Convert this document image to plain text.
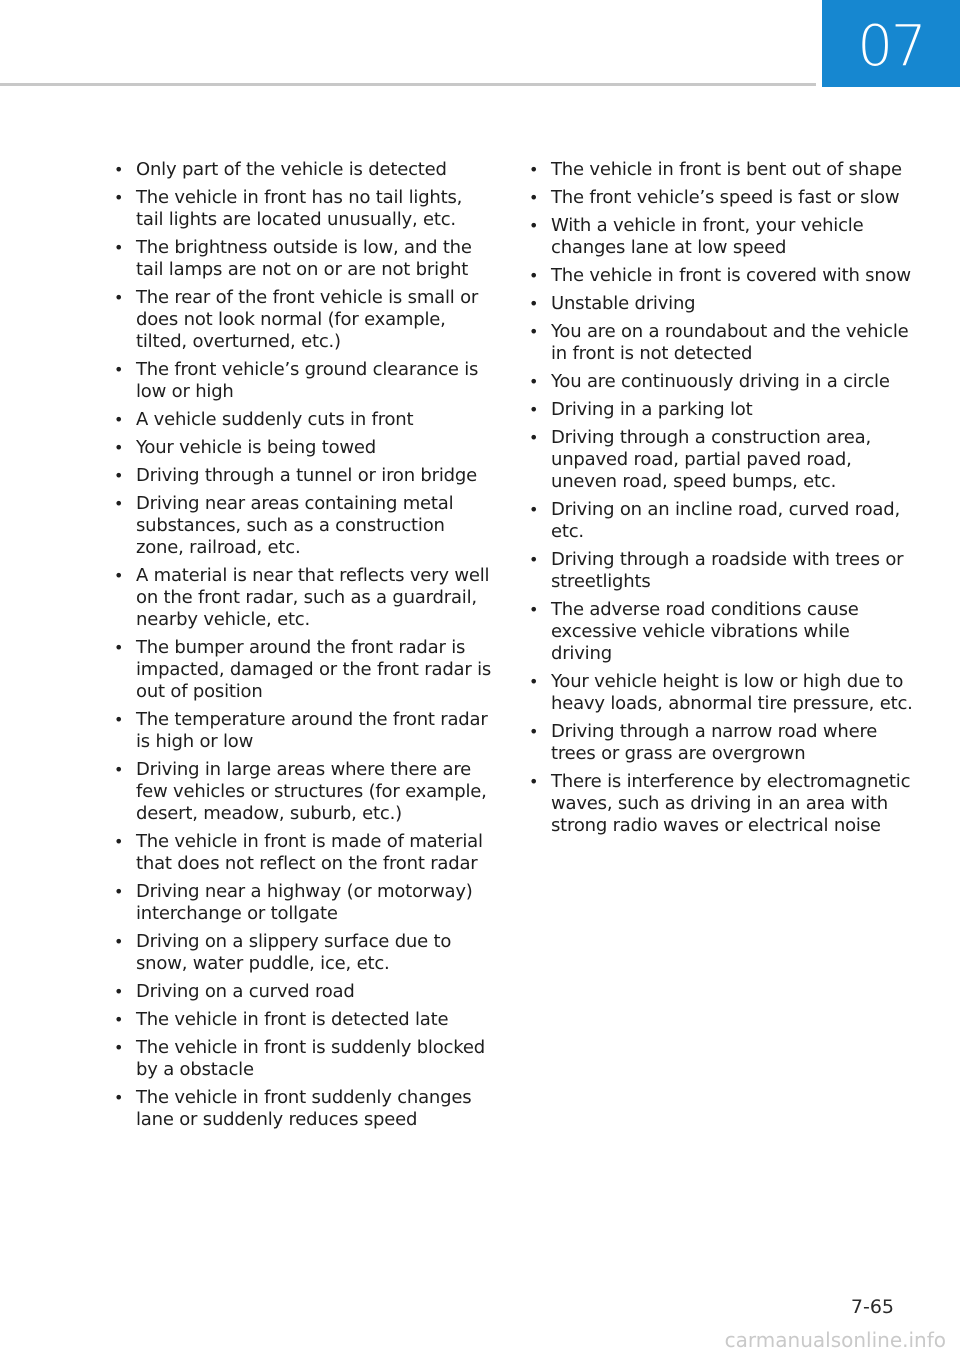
07
• Only part of the vehicle is detected
• The vehicle in front has no tail lights, tail lights are located unusually, etc.
• The brightness outside is low, and the tail lamps are not on or are not bright
• The rear of the front vehicle is small or does not look normal (for example, tilted, overturned, etc.)
• The front vehicle’s ground clearance is low or high
• A vehicle suddenly cuts in front
• Your vehicle is being towed
• Driving through a tunnel or iron bridge
• Driving near areas containing metal substances, such as a construction zone, railroad, etc.
• A material is near that reflects very well on the front radar, such as a guardrail, nearby vehicle, etc.
• The bumper around the front radar is impacted, damaged or the front radar is out of position
• The temperature around the front radar is high or low
• Driving in large areas where there are few vehicles or structures (for example, desert, meadow, suburb, etc.)
• The vehicle in front is made of material that does not reflect on the front radar
• Driving near a highway (or motorway) interchange or tollgate
• Driving on a slippery surface due to snow, water puddle, ice, etc.
• Driving on a curved road
• The vehicle in front is detected late
• The vehicle in front is suddenly blocked by a obstacle
• The vehicle in front suddenly changes lane or suddenly reduces speed
• The vehicle in front is bent out of shape
• The front vehicle’s speed is fast or slow
• With a vehicle in front, your vehicle changes lane at low speed
• The vehicle in front is covered with snow
• Unstable driving
• You are on a roundabout and the vehicle in front is not detected
• You are continuously driving in a circle
• Driving in a parking lot
• Driving through a construction area, unpaved road, partial paved road, uneven road, speed bumps, etc.
• Driving on an incline road, curved road, etc.
• Driving through a roadside with trees or streetlights
• The adverse road conditions cause excessive vehicle vibrations while driving
• Your vehicle height is low or high due to heavy loads, abnormal tire pressure, etc.
• Driving through a narrow road where trees or grass are overgrown
• There is interference by electromagnetic waves, such as driving in an area with strong radio waves or electrical noise
7-65
carmanualsonline.info
